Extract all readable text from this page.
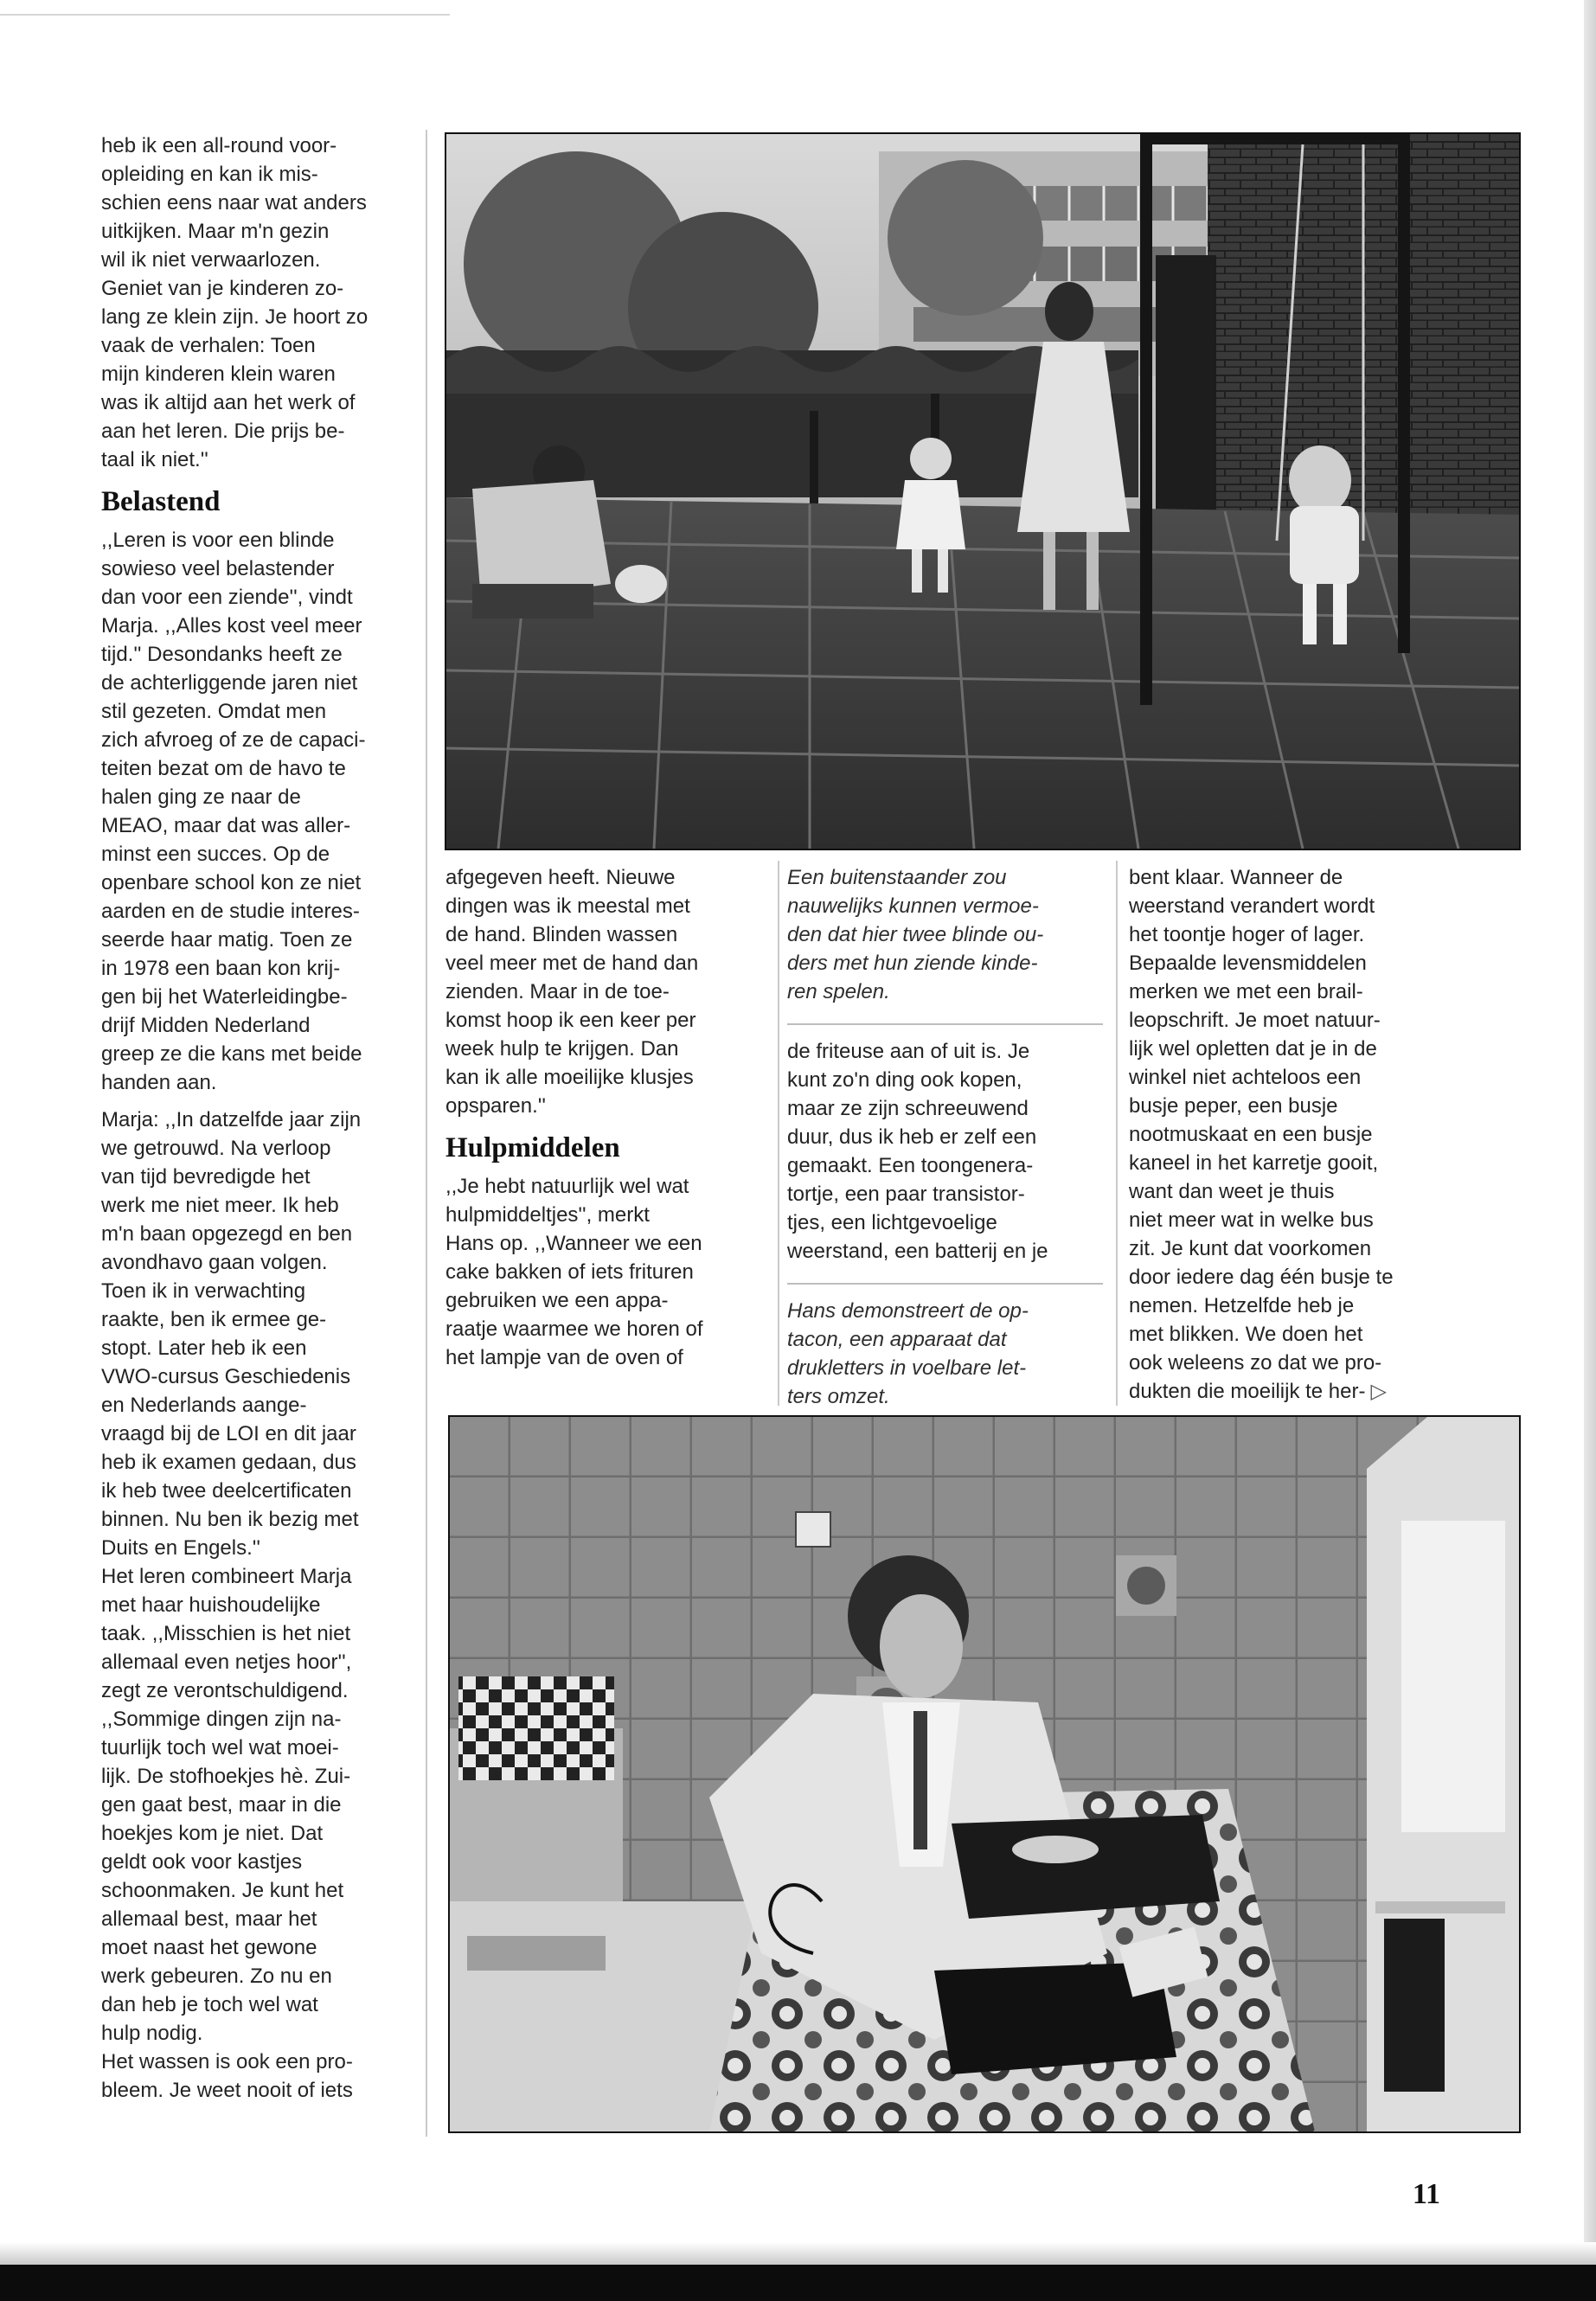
heb ik een all-round voor-
opleiding en kan ik mis-
schien eens naar wat anders
uitkijken. Maar m'n gezin
wil ik niet verwaarlozen.
Geniet van je kinderen zo-
lang ze klein zijn. Je hoort zo
vaak de verhalen: Toen
mijn kinderen klein waren
was ik altijd aan het werk of
aan het leren. Die prijs be-
taal ik niet.''

Belastend

,,Leren is voor een blinde
sowieso veel belastender
dan voor een ziende'', vindt
Marja. ,,Alles kost veel meer
tijd.'' Desondanks heeft ze
de achterliggende jaren niet
stil gezeten. Omdat men
zich afvroeg of ze de capaci-
teiten bezat om de havo te
halen ging ze naar de
MEAO, maar dat was aller-
minst een succes. Op de
openbare school kon ze niet
aarden en de studie interes-
seerde haar matig. Toen ze
in 1978 een baan kon krij-
gen bij het Waterleidingbe-
drijf Midden Nederland
greep ze die kans met beide
handen aan.

Marja: ,,In datzelfde jaar zijn
we getrouwd. Na verloop
van tijd bevredigde het
werk me niet meer. Ik heb
m'n baan opgezegd en ben
avondhavo gaan volgen.
Toen ik in verwachting
raakte, ben ik ermee ge-
stopt. Later heb ik een
VWO-cursus Geschiedenis
en Nederlands aange-
vraagd bij de LOI en dit jaar
heb ik examen gedaan, dus
ik heb twee deelcertificaten
binnen. Nu ben ik bezig met
Duits en Engels.''
Het leren combineert Marja
met haar huishoudelijke
taak. ,,Misschien is het niet
allemaal even netjes hoor'',
zegt ze verontschuldigend.
,,Sommige dingen zijn na-
tuurlijk toch wel wat moei-
lijk. De stofhoekjes hè. Zui-
gen gaat best, maar in die
hoekjes kom je niet. Dat
geldt ook voor kastjes
schoonmaken. Je kunt het
allemaal best, maar het
moet naast het gewone
werk gebeuren. Zo nu en
dan heb je toch wel wat
hulp nodig.
Het wassen is ook een pro-
bleem. Je weet nooit of iets

afgegeven heeft. Nieuwe
dingen was ik meestal met
de hand. Blinden wassen
veel meer met de hand dan
zienden. Maar in de toe-
komst hoop ik een keer per
week hulp te krijgen. Dan
kan ik alle moeilijke klusjes
opsparen.''

Hulpmiddelen

,,Je hebt natuurlijk wel wat
hulpmiddeltjes'', merkt
Hans op. ,,Wanneer we een
cake bakken of iets frituren
gebruiken we een appa-
raatje waarmee we horen of
het lampje van de oven of

Een buitenstaander zou
nauwelijks kunnen vermoe-
den dat hier twee blinde ou-
ders met hun ziende kinde-
ren spelen.

de friteuse aan of uit is. Je
kunt zo'n ding ook kopen,
maar ze zijn schreeuwend
duur, dus ik heb er zelf een
gemaakt. Een toongenera-
tortje, een paar transistor-
tjes, een lichtgevoelige
weerstand, een batterij en je

Hans demonstreert de op-
tacon, een apparaat dat
drukletters in voelbare let-
ters omzet.

bent klaar. Wanneer de
weerstand verandert wordt
het toontje hoger of lager.
Bepaalde levensmiddelen
merken we met een brail-
leopschrift. Je moet natuur-
lijk wel opletten dat je in de
winkel niet achteloos een
busje peper, een busje
nootmuskaat en een busje
kaneel in het karretje gooit,
want dan weet je thuis
niet meer wat in welke bus
zit. Je kunt dat voorkomen
door iedere dag één busje te
nemen. Hetzelfde heb je
met blikken. We doen het
ook weleens zo dat we pro-
dukten die moeilijk te her- ▷

11
